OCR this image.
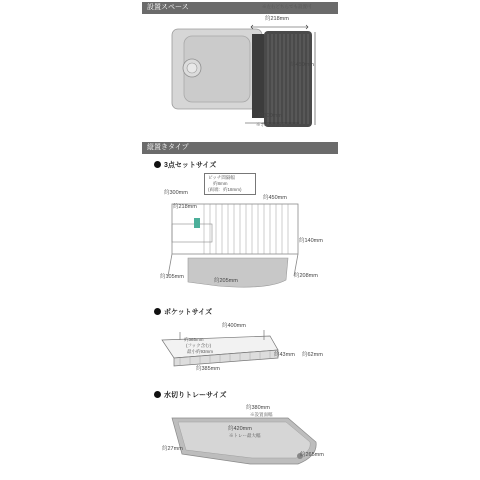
設置スペース	※左右どちらでも設置可
約218mm
約450mm
約300mm
※ポケット含む
縦置きタイプ
3点セットサイズ
ピッチ間隔幅
約8mm
(両端：約18mm)
約450mm
約300mm
約218mm
約140mm
約208mm
約205mm
約105mm
ポケットサイズ
約400mm
約385mm
(フック含む)
最小約93mm
約43mm 約62mm
約385mm
水切りトレーサイズ
約380mm
※設置面幅
約420mm
※トレー最大幅
約27mm
約265mm
